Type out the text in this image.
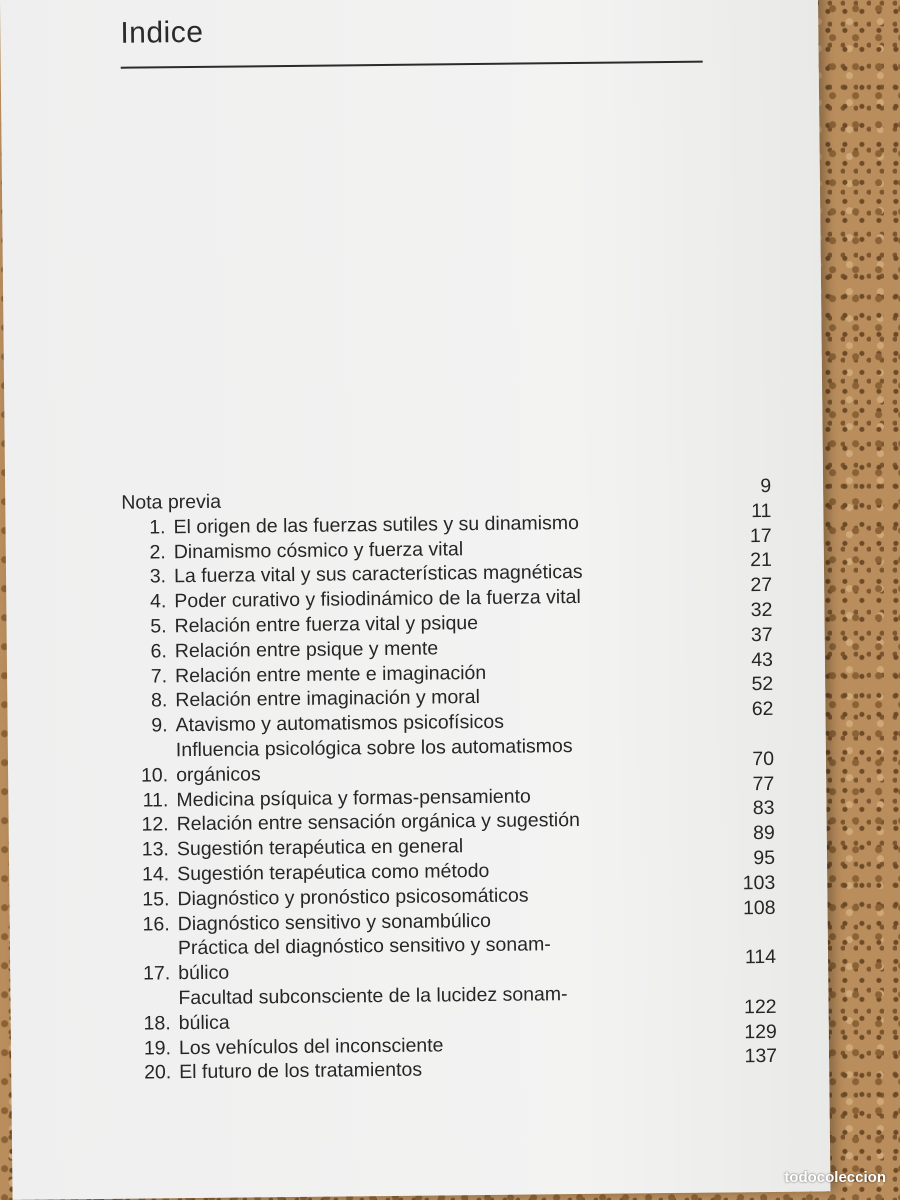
Indice
Nota previa
9
1. El origen de las fuerzas sutiles y su dinamismo
11
2. Dinamismo cósmico y fuerza vital
17
3. La fuerza vital y sus características magnéticas
21
4. Poder curativo y fisiodinámico de la fuerza vital
27
5. Relación entre fuerza vital y psique
32
6. Relación entre psique y mente
37
7. Relación entre mente e imaginación
43
8. Relación entre imaginación y moral
52
9. Atavismo y automatismos psicofísicos
62
10.
Influencia psicológica sobre los automatismos
orgánicos
70
11. Medicina psíquica y formas-pensamiento
77
12. Relación entre sensación orgánica y sugestión
83
13. Sugestión terapéutica en general
89
14. Sugestión terapéutica como método
95
15. Diagnóstico y pronóstico psicosomáticos
103
16. Diagnóstico sensitivo y sonambúlico
108
17.
Práctica del diagnóstico sensitivo y sonam-
búlico
114
18.
Facultad subconsciente de la lucidez sonam-
búlica
122
19. Los vehículos del inconsciente
129
20. El futuro de los tratamientos
137
todocoleccion
